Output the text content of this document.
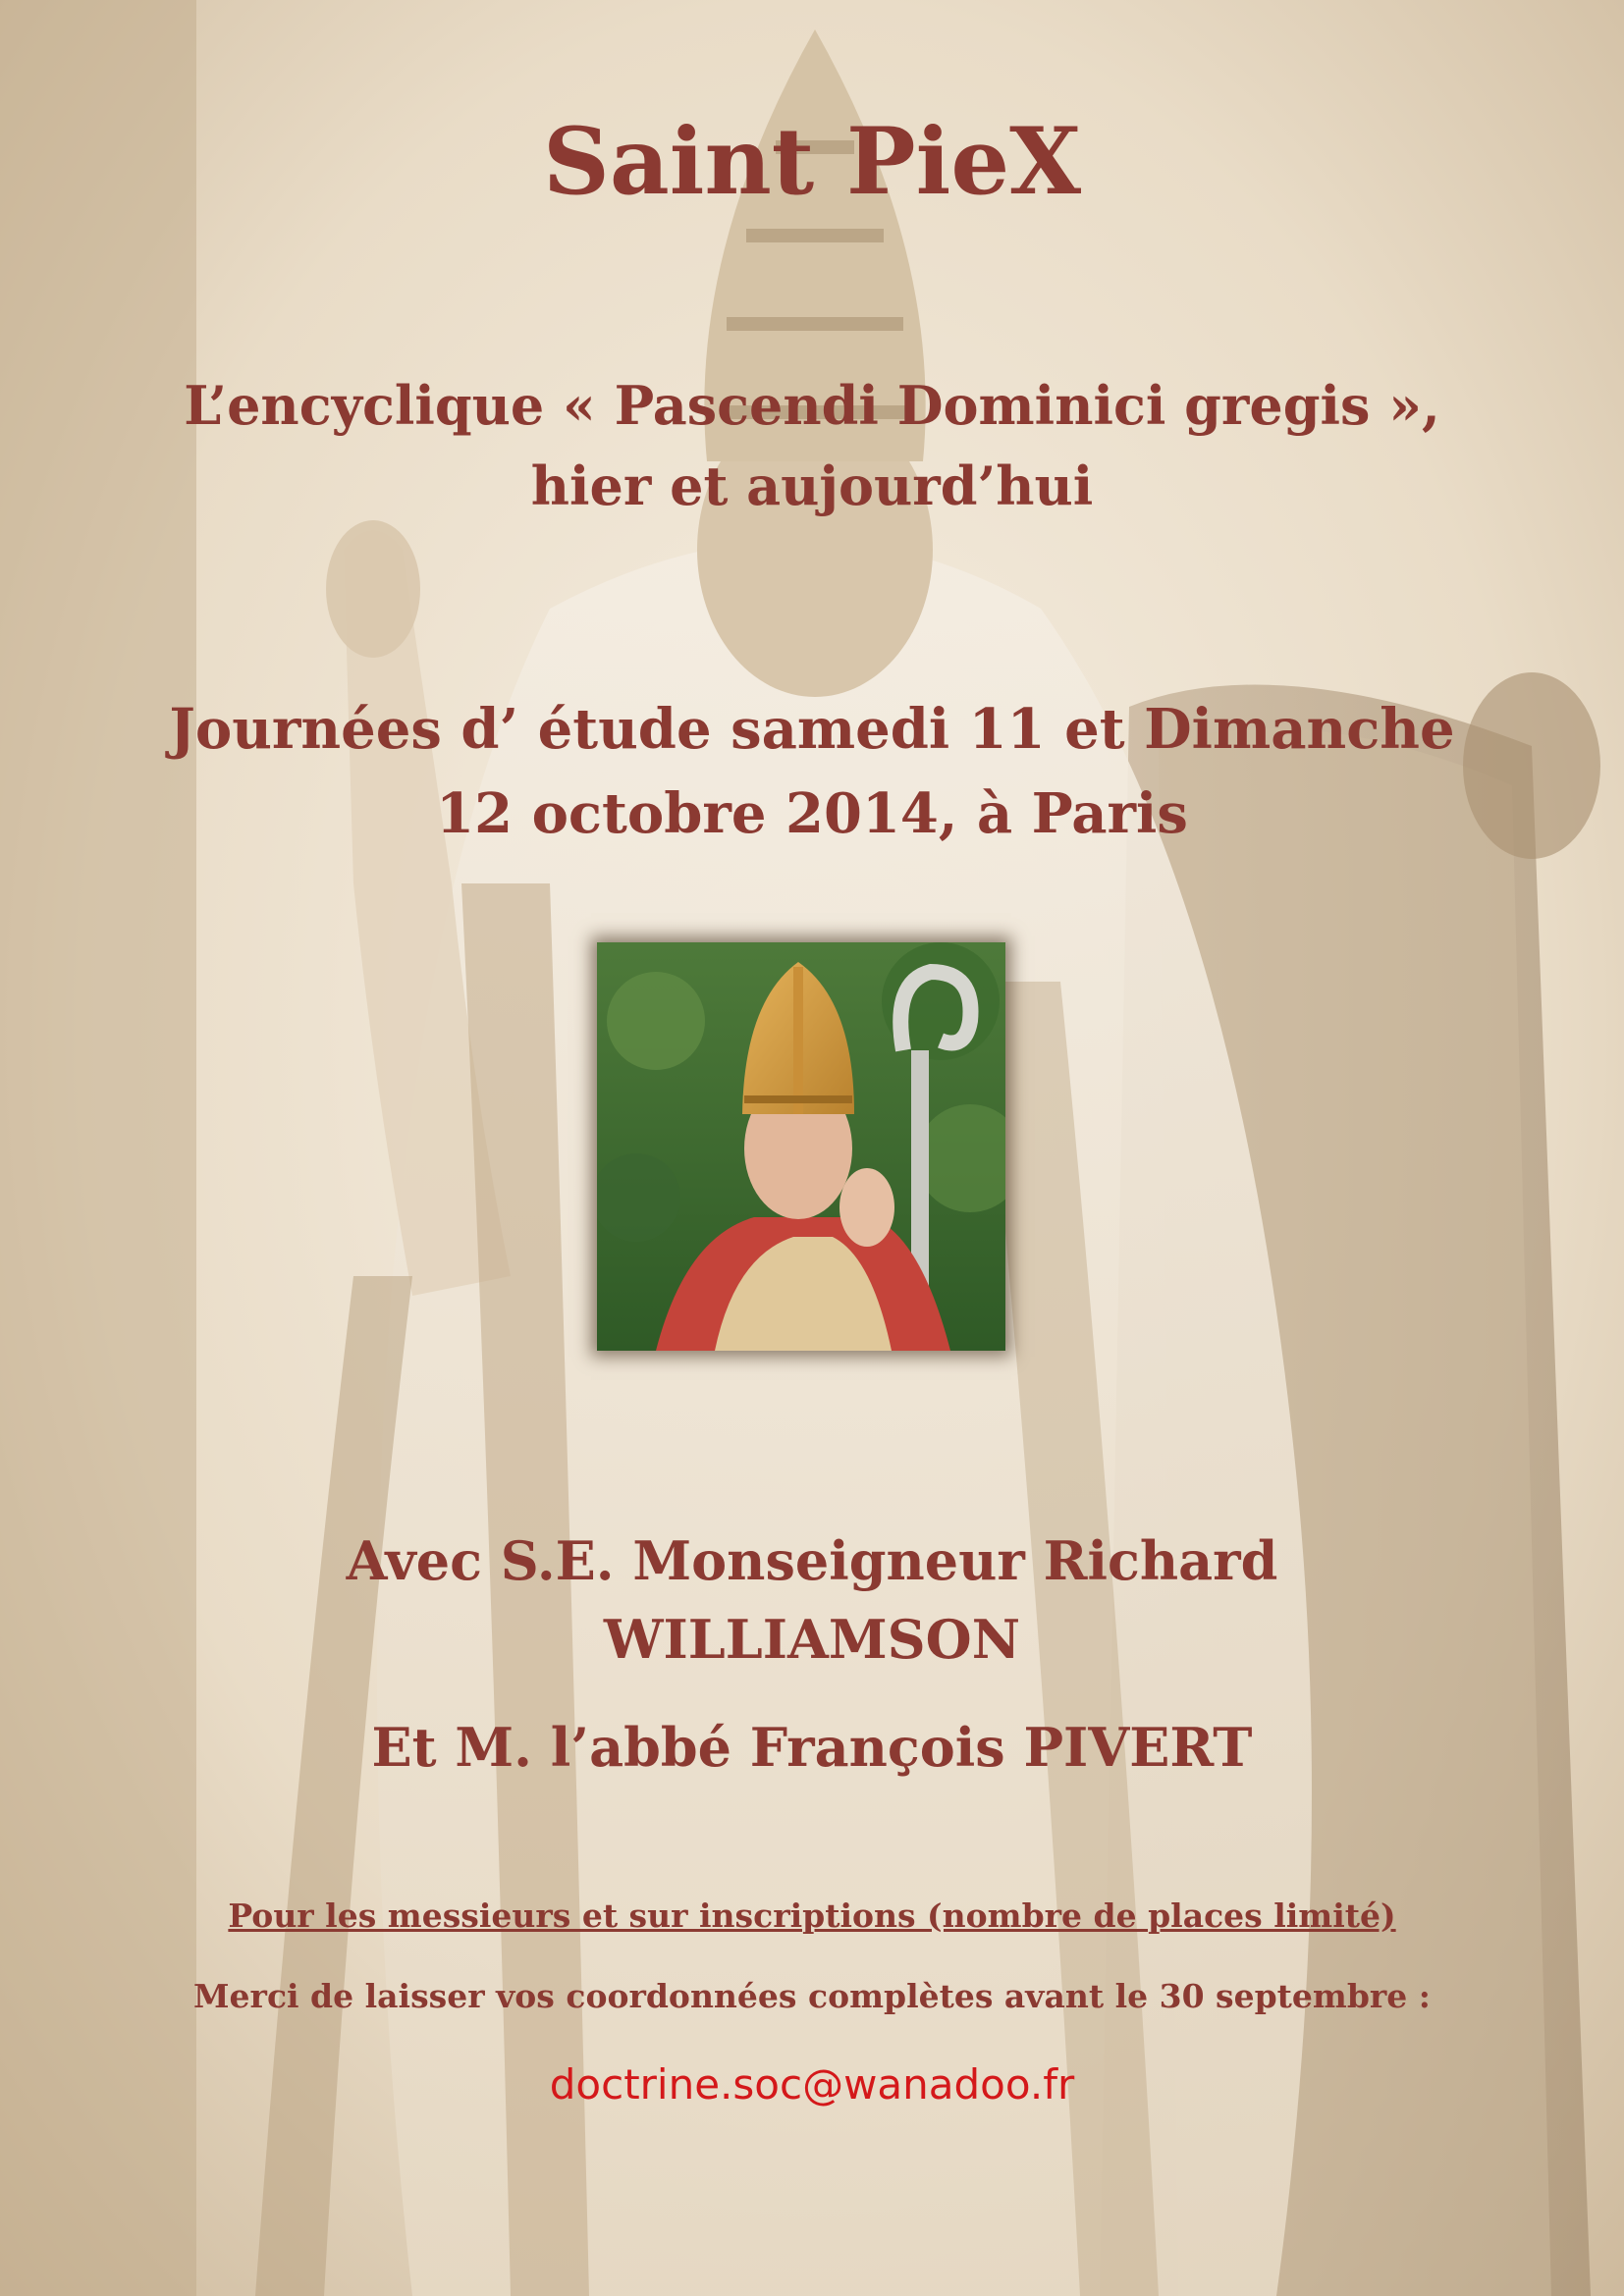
Saint PieX
L’encyclique « Pascendi Dominici gregis »,
hier et aujourd’hui
Journées d’ étude samedi 11 et Dimanche
12 octobre 2014, à Paris
Avec S.E. Monseigneur Richard
WILLIAMSON
Et M. l’abbé François PIVERT
Pour les messieurs et sur inscriptions (nombre de places limité)
Merci de laisser vos coordonnées complètes avant le 30 septembre :
doctrine.soc@wanadoo.fr
